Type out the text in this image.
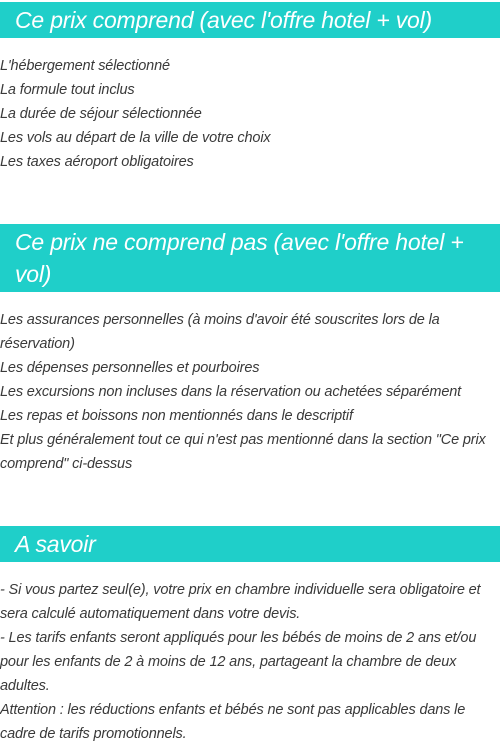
Ce prix comprend (avec l'offre hotel + vol)
L'hébergement sélectionné
La formule tout inclus
La durée de séjour sélectionnée
Les vols au départ de la ville de votre choix
Les taxes aéroport obligatoires
Ce prix ne comprend pas (avec l'offre hotel + vol)
Les assurances personnelles (à moins d'avoir été souscrites lors de la réservation)
Les dépenses personnelles et pourboires
Les excursions non incluses dans la réservation ou achetées séparément
Les repas et boissons non mentionnés dans le descriptif
Et plus généralement tout ce qui n'est pas mentionné dans la section "Ce prix comprend" ci-dessus
A savoir
- Si vous partez seul(e), votre prix en chambre individuelle sera obligatoire et sera calculé automatiquement dans votre devis.
- Les tarifs enfants seront appliqués pour les bébés de moins de 2 ans et/ou pour les enfants de 2 à moins de 12 ans, partageant la chambre de deux adultes.
Attention : les réductions enfants et bébés ne sont pas applicables dans le cadre de tarifs promotionnels.
